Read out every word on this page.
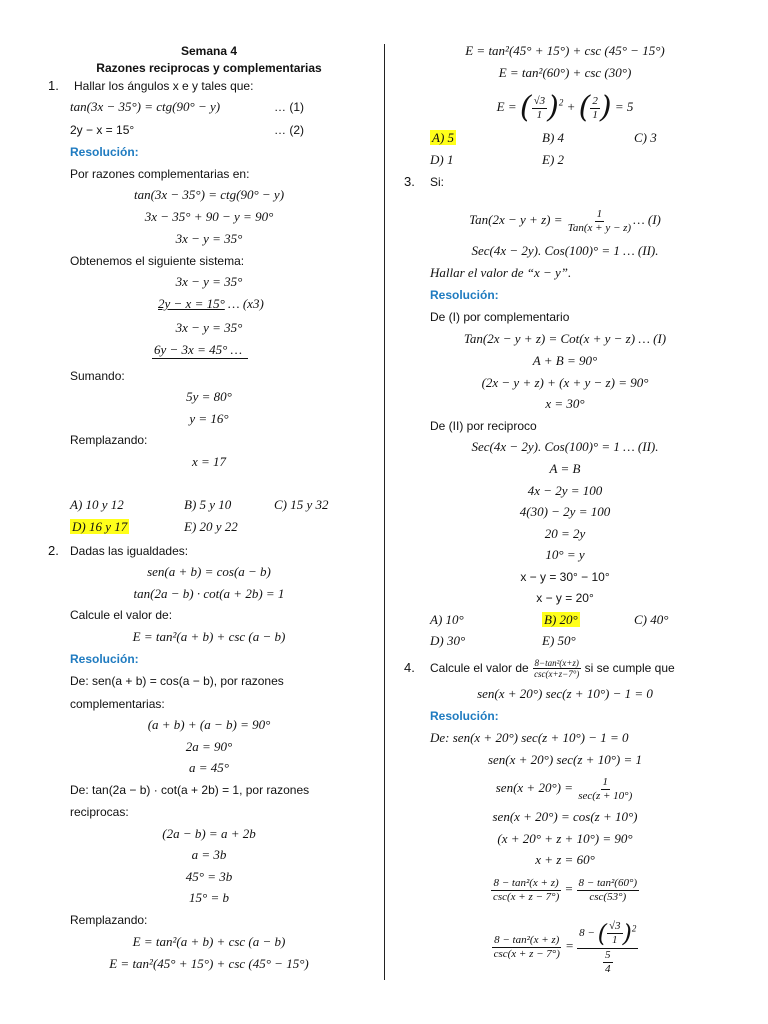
Semana 4
Razones reciprocas y complementarias
1. Hallar los ángulos x e y tales que:
tan(3x − 35°) = ctg(90° − y)	… (1)
2y − x = 15°	… (2)
Resolución:
Por razones complementarias en:
tan(3x − 35°) = ctg(90° − y)
3x − 35° + 90 − y = 90°
3x − y = 35°
Obtenemos el siguiente sistema:
3x − y = 35°
2y − x = 15° … (x3)
3x − y = 35°
6y − 3x = 45° …
Sumando:
5y = 80°
y = 16°
Remplazando:
x = 17
A) 10 y 12	B) 5 y 10	C) 15 y 32
D) 16 y 17	E) 20 y 22
2. Dadas las igualdades:
sen(a + b) = cos(a − b)
tan(2a − b) · cot(a + 2b) = 1
Calcule el valor de:
E = tan²(a + b) + csc (a − b)
Resolución:
De: sen(a + b) = cos(a − b), por razones
complementarias:
(a + b) + (a − b) = 90°
2a = 90°
a = 45°
De: tan(2a − b) · cot(a + 2b) = 1, por razones
reciprocas:
(2a − b) = a + 2b
a = 3b
45° = 3b
15° = b
Remplazando:
E = tan²(a + b) + csc (a − b)
E = tan²(45° + 15°) + csc (45° − 15°)
E = tan²(45° + 15°) + csc (45° − 15°)
E = tan²(60°) + csc (30°)
E = ( $\frac{√3}{1} )^2$ + ( $\frac{2}{1}$ ) = 5
A) 5	B) 4	C) 3
D) 1	E) 2
3. Si:
$Tan(2x - y + z) = \frac{1}{\text{Tan(x + y − z)}}$ … (I)
Sec(4x − 2y). Cos(100)° = 1 … (II).
Hallar el valor de “x − y”.
Resolución:
De (I) por complementario
Tan(2x − y + z) = Cot(x + y − z) … (I)
A + B = 90°
(2x − y + z) + (x + y − z) = 90°
x = 30°
De (II) por reciproco
Sec(4x − 2y). Cos(100)° = 1 … (II).
A = B
4x − 2y = 100
4(30) − 2y = 100
20 = 2y
10° = y
x − y = 30° − 10°
x − y = 20°
A) 10°	B) 20°	C) 40°
D) 30°	E) 50°
4. Calcule el valor de $\frac{\text{8−tan²(x+z)}}{\csc(x+z-7^\circ)}$ si se cumple que
sen(x + 20°) sec(z + 10°) − 1 = 0
Resolución:
De: sen(x + 20°) sec(z + 10°) − 1 = 0
sen(x + 20°) sec(z + 10°) = 1
$sen(x + 20^\circ) = \frac{1}{\sec(z + 10^\circ)}$
sen(x + 20°) = cos(z + 10°)
(x + 20° + z + 10°) = 90°
x + z = 60°
$\frac{\text{8 − tan²(x + z)}}{\csc(x + z - 7^\circ)} = \frac{\text{8 − tan²(60°)}}{\csc(53^\circ)}$
$\frac{\text{8 − tan²(x + z)}}{\csc(x + z - 7^\circ)} = \frac{8 - ( \frac{√3}{1} )^2}{\frac{5}{4}}$
